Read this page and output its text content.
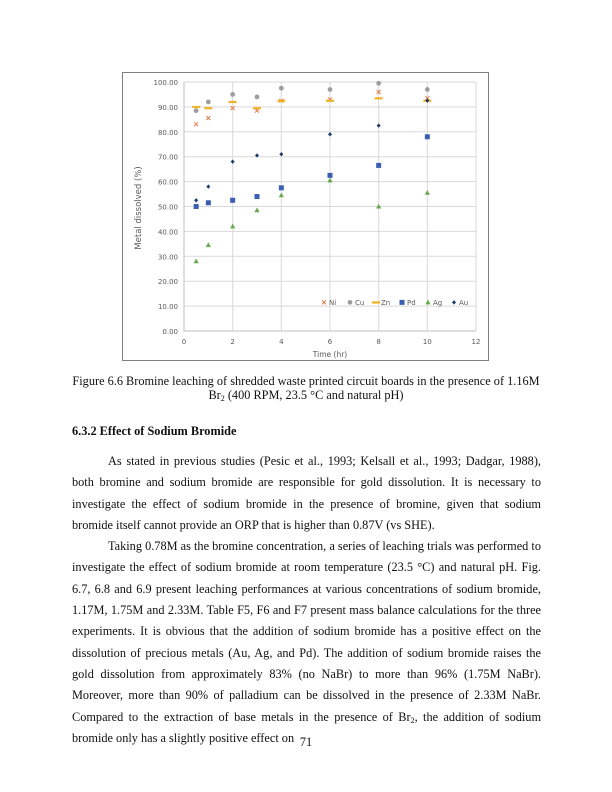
0.00
10.00
20.00
30.00
40.00
50.00
60.00
70.00
80.00
90.00
100.00
0	2	4	6	8	10	12
Ni	Cu Zn Pd Ag Au
Metal dissolved (%)
Time (hr)
Figure 6.6 Bromine leaching of shredded waste printed circuit boards in the presence of 1.16M
$Br_2$ (400 RPM, 23.5 °C and natural pH)
6.3.2 Effect of Sodium Bromide

As stated in previous studies (Pesic et al., 1993; Kelsall et al., 1993; Dadgar, 1988), both bromine and sodium bromide are responsible for gold dissolution. It is necessary to investigate the effect of sodium bromide in the presence of bromine, given that sodium bromide itself cannot provide an ORP that is higher than 0.87V (vs SHE).

Taking 0.78M as the bromine concentration, a series of leaching trials was performed to investigate the effect of sodium bromide at room temperature (23.5 °C) and natural pH. Fig. 6.7, 6.8 and 6.9 present leaching performances at various concentrations of sodium bromide, 1.17M, 1.75M and 2.33M. Table F5, F6 and F7 present mass balance calculations for the three experiments. It is obvious that the addition of sodium bromide has a positive effect on the dissolution of precious metals (Au, Ag, and Pd). The addition of sodium bromide raises the gold dissolution from approximately 83% (no NaBr) to more than 96% (1.75M NaBr). Moreover, more than 90% of palladium can be dissolved in the presence of 2.33M NaBr. Compared to the extraction of base metals in the presence of $Br_2$, the addition of sodium bromide only has a slightly positive effect on 71
